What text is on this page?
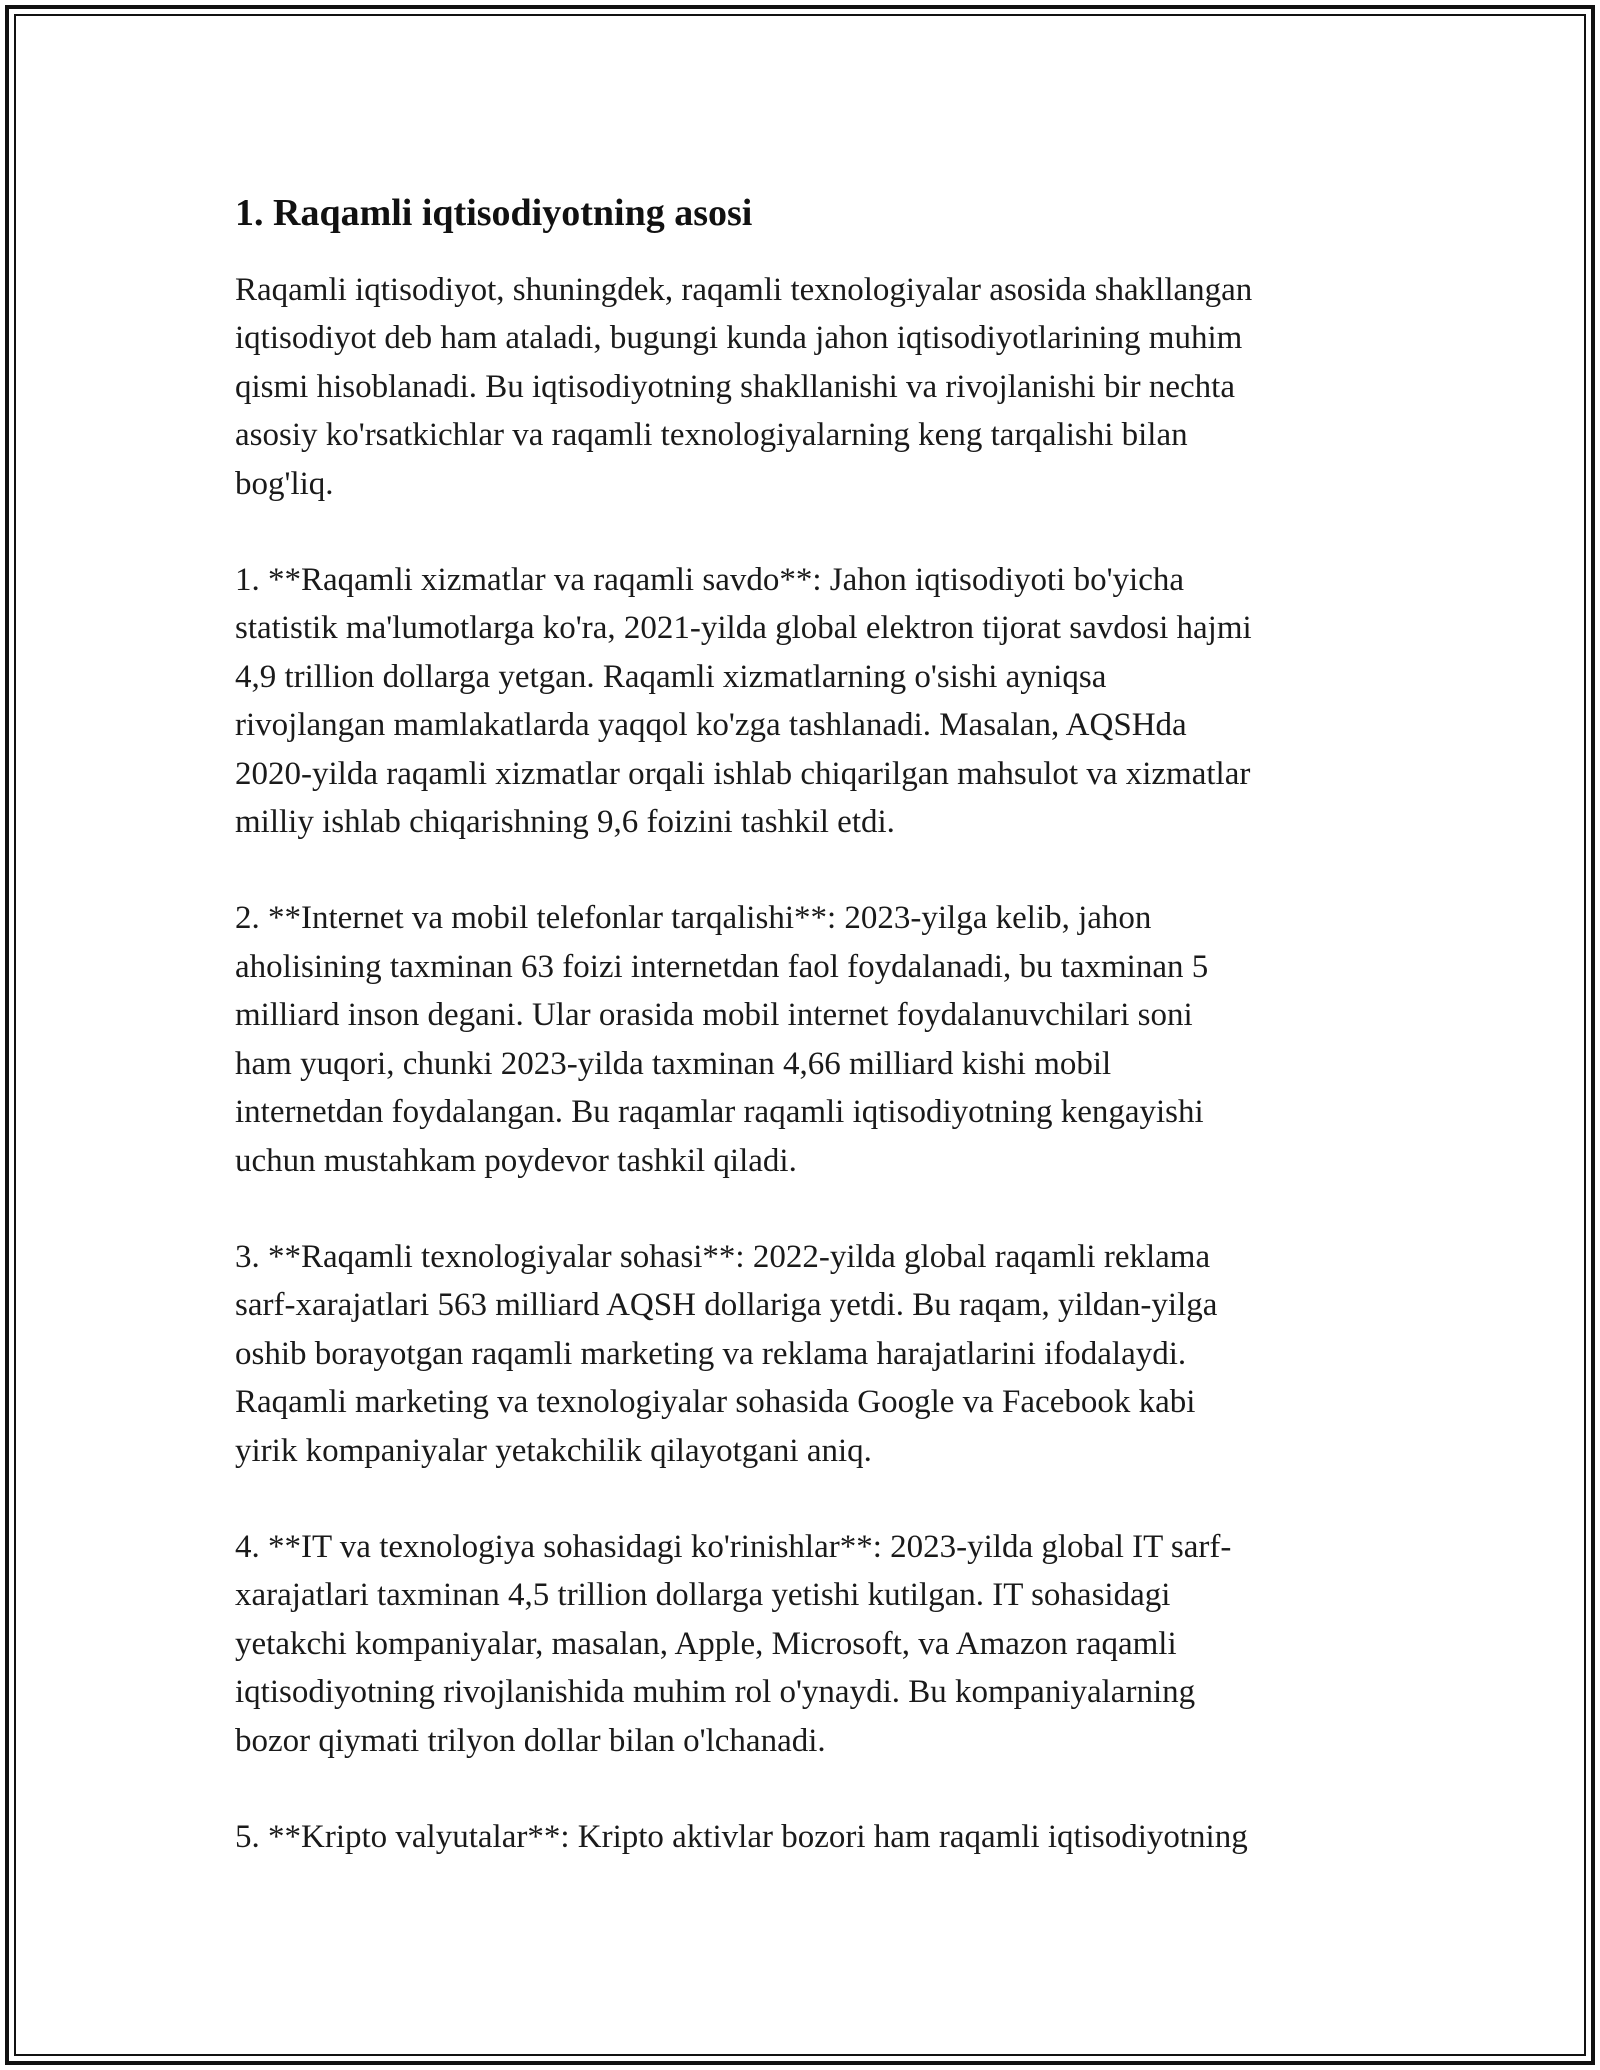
1. Raqamli iqtisodiyotning asosi

Raqamli iqtisodiyot, shuningdek, raqamli texnologiyalar asosida shakllangan
iqtisodiyot deb ham ataladi, bugungi kunda jahon iqtisodiyotlarining muhim
qismi hisoblanadi. Bu iqtisodiyotning shakllanishi va rivojlanishi bir nechta
asosiy ko'rsatkichlar va raqamli texnologiyalarning keng tarqalishi bilan
bog'liq.

1. **Raqamli xizmatlar va raqamli savdo**: Jahon iqtisodiyoti bo'yicha
statistik ma'lumotlarga ko'ra, 2021-yilda global elektron tijorat savdosi hajmi
4,9 trillion dollarga yetgan. Raqamli xizmatlarning o'sishi ayniqsa
rivojlangan mamlakatlarda yaqqol ko'zga tashlanadi. Masalan, AQSHda
2020-yilda raqamli xizmatlar orqali ishlab chiqarilgan mahsulot va xizmatlar
milliy ishlab chiqarishning 9,6 foizini tashkil etdi.

2. **Internet va mobil telefonlar tarqalishi**: 2023-yilga kelib, jahon
aholisining taxminan 63 foizi internetdan faol foydalanadi, bu taxminan 5
milliard inson degani. Ular orasida mobil internet foydalanuvchilari soni
ham yuqori, chunki 2023-yilda taxminan 4,66 milliard kishi mobil
internetdan foydalangan. Bu raqamlar raqamli iqtisodiyotning kengayishi
uchun mustahkam poydevor tashkil qiladi.

3. **Raqamli texnologiyalar sohasi**: 2022-yilda global raqamli reklama
sarf-xarajatlari 563 milliard AQSH dollariga yetdi. Bu raqam, yildan-yilga
oshib borayotgan raqamli marketing va reklama harajatlarini ifodalaydi.
Raqamli marketing va texnologiyalar sohasida Google va Facebook kabi
yirik kompaniyalar yetakchilik qilayotgani aniq.

4. **IT va texnologiya sohasidagi ko'rinishlar**: 2023-yilda global IT sarf-
xarajatlari taxminan 4,5 trillion dollarga yetishi kutilgan. IT sohasidagi
yetakchi kompaniyalar, masalan, Apple, Microsoft, va Amazon raqamli
iqtisodiyotning rivojlanishida muhim rol o'ynaydi. Bu kompaniyalarning
bozor qiymati trilyon dollar bilan o'lchanadi.

5. **Kripto valyutalar**: Kripto aktivlar bozori ham raqamli iqtisodiyotning
